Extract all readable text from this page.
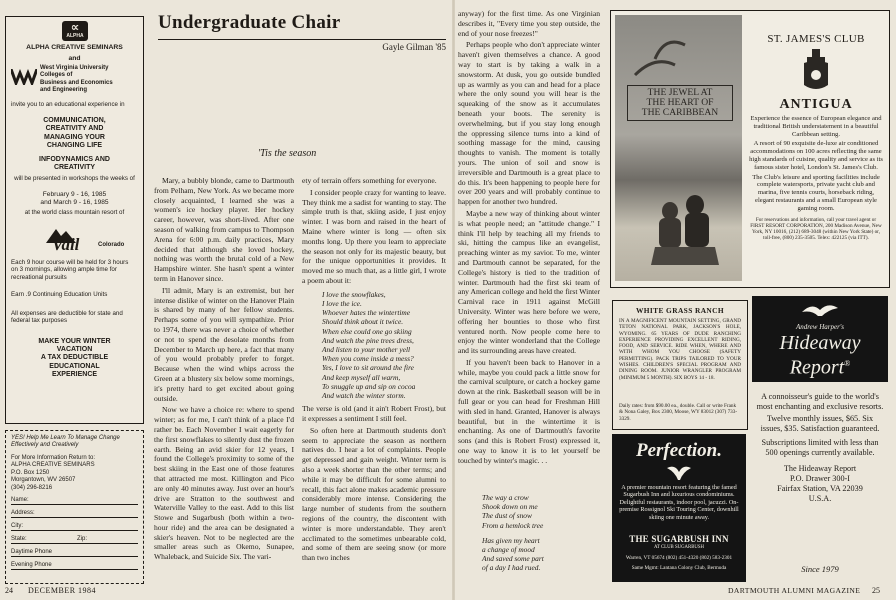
∝
ALPHA
ALPHA CREATIVE SEMINARS
and
West Virginia University
Colleges of
Business and Economics
and Engineering
invite you to an educational experience in
COMMUNICATION,
CREATIVITY AND
MANAGING YOUR
CHANGING LIFE
INFODYNAMICS AND
CREATIVITY
will be presented in workshops the weeks of
February 9 - 16, 1985
and March 9 - 16, 1985
at the world class mountain resort of
Vail	Colorado
Each 9 hour course will be held for 3 hours on 3 mornings, allowing ample time for recreational pursuits
Earn .9 Continuing Education Units
All expenses are deductible for state and federal tax purposes
MAKE YOUR WINTER
VACATION
A TAX DEDUCTIBLE
EDUCATIONAL
EXPERIENCE
YES! Help Me Learn To Manage Change Effectively and Creatively
For More Information Return to:
ALPHA CREATIVE SEMINARS
P.O. Box 1250
Morgantown, WV 26507
(304) 296-8216
Name:
Address:
City:
State:	Zip:
Daytime Phone
Evening Phone
Undergraduate Chair
Gayle Gilman '85
'Tis the season

Mary, a bubbly blonde, came to Dartmouth from Pelham, New York. As we became more closely acquainted, I learned she was a women's ice hockey player. Her hockey career, however, was short-lived. After one season of walking from campus to Thompson Arena for 6:00 p.m. daily practices, Mary decided that although she loved hockey, nothing was worth the brutal cold of a New Hampshire winter. She hasn't spent a winter term in Hanover since.

I'll admit, Mary is an extremist, but her intense dislike of winter on the Hanover Plain is shared by many of her fellow students. Perhaps some of you will sympathize. Prior to 1974, there was never a choice of whether or not to spend the desolate months from December to March up here, a fact that many of you would probably prefer to forget. Because when the wind whips across the Green at a blustery six below some mornings, it's pretty hard to get excited about going outside.

Now we have a choice re: where to spend winter; as for me, I can't think of a place I'd rather be. Each November I wait eagerly for the first snowflakes to silently dust the frozen earth. Being an avid skier for 12 years, I found the College's proximity to some of the best skiing in the East one of those features that attracted me most. Killington and Pico are only 40 minutes away. Just over an hour's drive are Stratton to the southwest and Waterville Valley to the east. Add to this list Stowe and Sugarbush (both within a two-hour ride) and the area can be designated a skier's heaven. Not to be neglected are the smaller areas such as Okemo, Sunapee, Whaleback, and Suicide Six. The vari-

ety of terrain offers something for everyone.

I consider people crazy for wanting to leave. They think me a sadist for wanting to stay. The simple truth is that, skiing aside, I just enjoy winter. I was born and raised in the heart of Maine where winter is long — often six months long. Up there you learn to appreciate the season not only for its majestic beauty, but for the unique opportunities it provides. It moved me so much that, as a little girl, I wrote a poem about it:

I love the snowflakes,
I love the ice.
Whoever hates the wintertime
Should think about it twice.
When else could one go skiing
And watch the pine trees dress,
And listen to your mother yell
When you come inside a mess?
Yes, I love to sit around the fire
And keep myself all warm,
To snuggle up and sip on cocoa
And watch the winter storm.

The verse is old (and it ain't Robert Frost), but it expresses a sentiment I still feel.

So often here at Dartmouth students don't seem to appreciate the season as northern natives do. I hear a lot of complaints. People get depressed and gain weight. Winter term is also a week shorter than the other terms; and while it may be difficult for some alumni to recall, this fact alone makes academic pressure considerably more intense. Considering the large number of students from the southern regions of the country, the discontent with winter is more understandable. They aren't acclimated to the sometimes unbearable cold, and some of them are seeing snow (or more than two inches

24 DECEMBER 1984

anyway) for the first time. As one Virginian describes it, "Every time you step outside, the end of your nose freezes!"

Perhaps people who don't appreciate winter haven't given themselves a chance. A good way to start is by taking a walk in a snowstorm. At dusk, you go outside bundled up as warmly as you can and head for a place where the only sound you will hear is the squeaking of the snow as it accumulates beneath your boots. The serenity is overwhelming, but if you stay long enough the oppressing silence turns into a kind of soothing massage for the mind, causing thoughts to vanish. The moment is totally yours. The union of soil and snow is irreversible and Dartmouth is a great place to do this. It's been happening to people here for over 200 years and will probably continue to happen for another two hundred.

Maybe a new way of thinking about winter is what people need; an "attitude change." I think I'll help by teaching all my friends to ski, hitting the campus like an evangelist, preaching winter as my savior. To me, winter and Dartmouth cannot be separated, for the College's history is tied to the tradition of winter. Dartmouth had the first ski team of any American college and held the first Winter Carnival race in 1911 against McGill University. Winter was here before we were, offering her bounties to those who first ventured north. Now people come here to enjoy the winter wonderland that the College and its surrounding areas have created.

If you haven't been back to Hanover in a while, maybe you could pack a little snow for the carnival sculpture, or catch a hockey game down at the rink. Basketball season will be in full gear or you can head for Freshman Hill with sled in hand. Granted, Hanover is always beautiful, but in the wintertime it is enchanting. As one of Dartmouth's favorite sons (and this is Robert Frost) expressed it, one way to know it is to let yourself be touched by winter's magic. . .

The way a crow
Shook down on me
The dust of snow
From a hemlock tree
Has given my heart
a change of mood
And saved some part
of a day I had rued.
THE JEWEL AT
THE HEART OF
THE CARIBBEAN
ST. JAMES'S CLUB
ANTIGUA

Experience the essence of European elegance and traditional British understatement in a beautiful Caribbean setting.

A resort of 90 exquisite de-luxe air conditioned accommodations on 100 acres reflecting the same high standards of cuisine, quality and service as its famous sister hotel, London's St. James's Club.

The Club's leisure and sporting facilities include complete watersports, private yacht club and marina, five tennis courts, horseback riding, elegant restaurants and a small European style gaming room.

For reservations and information, call your travel agent or FIRST RESORT CORPORATION, 200 Madison Avenue, New York, NY 10016, (212) 689-3048 (within New York State) or, toll-free, (800) 235-3505. Telex: 422125 (via ITT).

WHITE GRASS RANCH
IN A MAGNIFICENT MOUNTAIN SETTING, GRAND TETON NATIONAL PARK, JACKSON'S HOLE, WYOMING. 65 YEARS OF DUDE RANCHING EXPERIENCE PROVIDING EXCELLENT RIDING, FOOD, AND SERVICE. RIDE WHEN, WHERE AND WITH WHOM YOU CHOOSE (SAFETY PERMITTING). PACK TRIPS TAILORED TO YOUR WISHES. CHILDREN'S SPECIAL PROGRAM AND DINING ROOM. JUNIOR WRANGLER PROGRAM (MINIMUM 5 MONTH). SIX BOYS 14 - 18.
Daily rates: from $90.00 ea., double. Call or write Frank & Nona Galey, Box 2300, Moose, WY 83012 (307) 733-3329.
Perfection.
A premier mountain resort featuring the famed Sugarbush Inn and luxurious condominiums. Delightful restaurants, indoor pool, jacuzzi. On-premise Rossignol Ski Touring Center, downhill skiing one minute away.
THE SUGARBUSH INN
AT CLUB SUGARBUSH
Warren, VT 05674 (802) 451-4320 (802) 583-2301
Same Mgmt: Lantana Colony Club, Bermuda
Andrew Harper's
Hideaway
Report®

A connoisseur's guide to the world's most enchanting and exclusive resorts.

Twelve monthly issues, $65. Six issues, $35. Satisfaction guaranteed.

Subscriptions limited with less than 500 openings currently available.

The Hideaway Report
P.O. Drawer 300-I
Fairfax Station, VA 22039
U.S.A.
Since 1979
DARTMOUTH ALUMNI MAGAZINE 25
